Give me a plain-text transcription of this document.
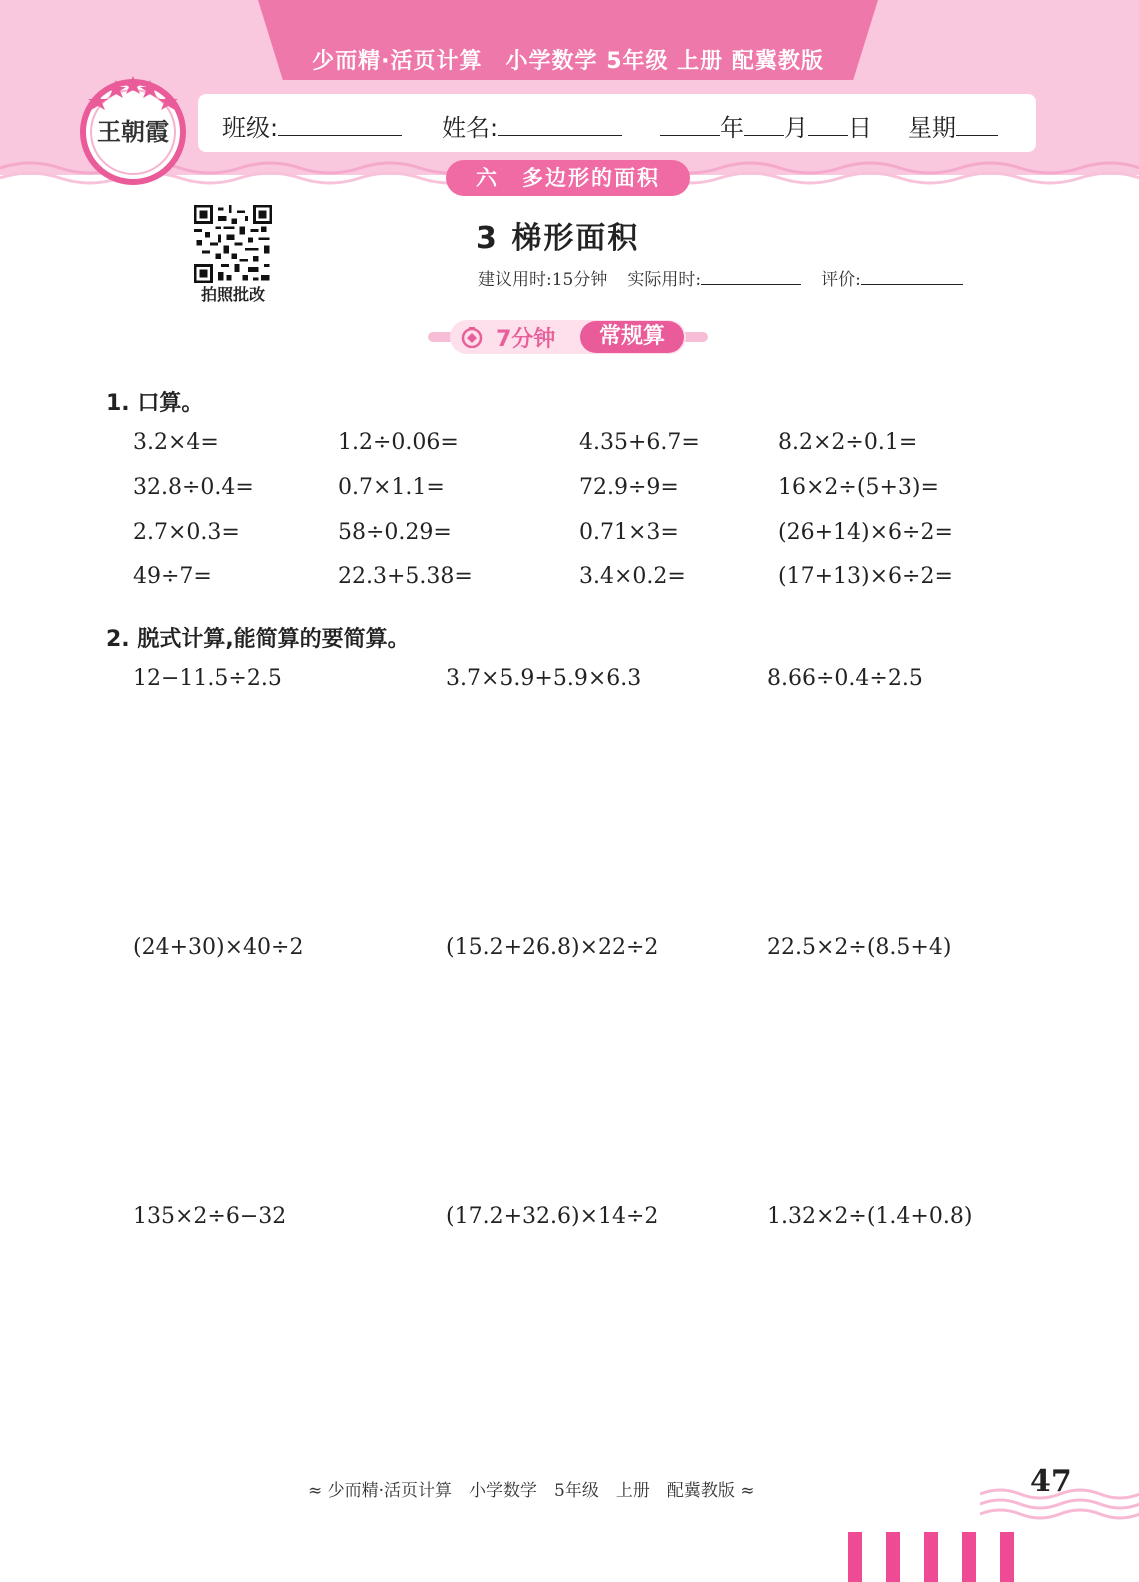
少而精·活页计算　小学数学 5年级 上册 配冀教版
班级:	姓名:	年 月 日 星期
六　多边形的面积
王朝霞
拍照批改
3 梯形面积
建议用时:15分钟 实际用时:	评价:
7分钟	常规算
1. 口算。
3.2×4=	1.2÷0.06=	4.35+6.7=	8.2×2÷0.1=
32.8÷0.4=	0.7×1.1=	72.9÷9=	16×2÷(5+3)=
2.7×0.3=	58÷0.29=	0.71×3=	(26+14)×6÷2=
49÷7=	22.3+5.38=	3.4×0.2=	(17+13)×6÷2=
2. 脱式计算,能简算的要简算。
12−11.5÷2.5	3.7×5.9+5.9×6.3	8.66÷0.4÷2.5
(24+30)×40÷2	(15.2+26.8)×22÷2	22.5×2÷(8.5+4)
135×2÷6−32	(17.2+32.6)×14÷2	1.32×2÷(1.4+0.8)
≈ 少而精·活页计算　小学数学　5年级　上册　配冀教版 ≈	47
